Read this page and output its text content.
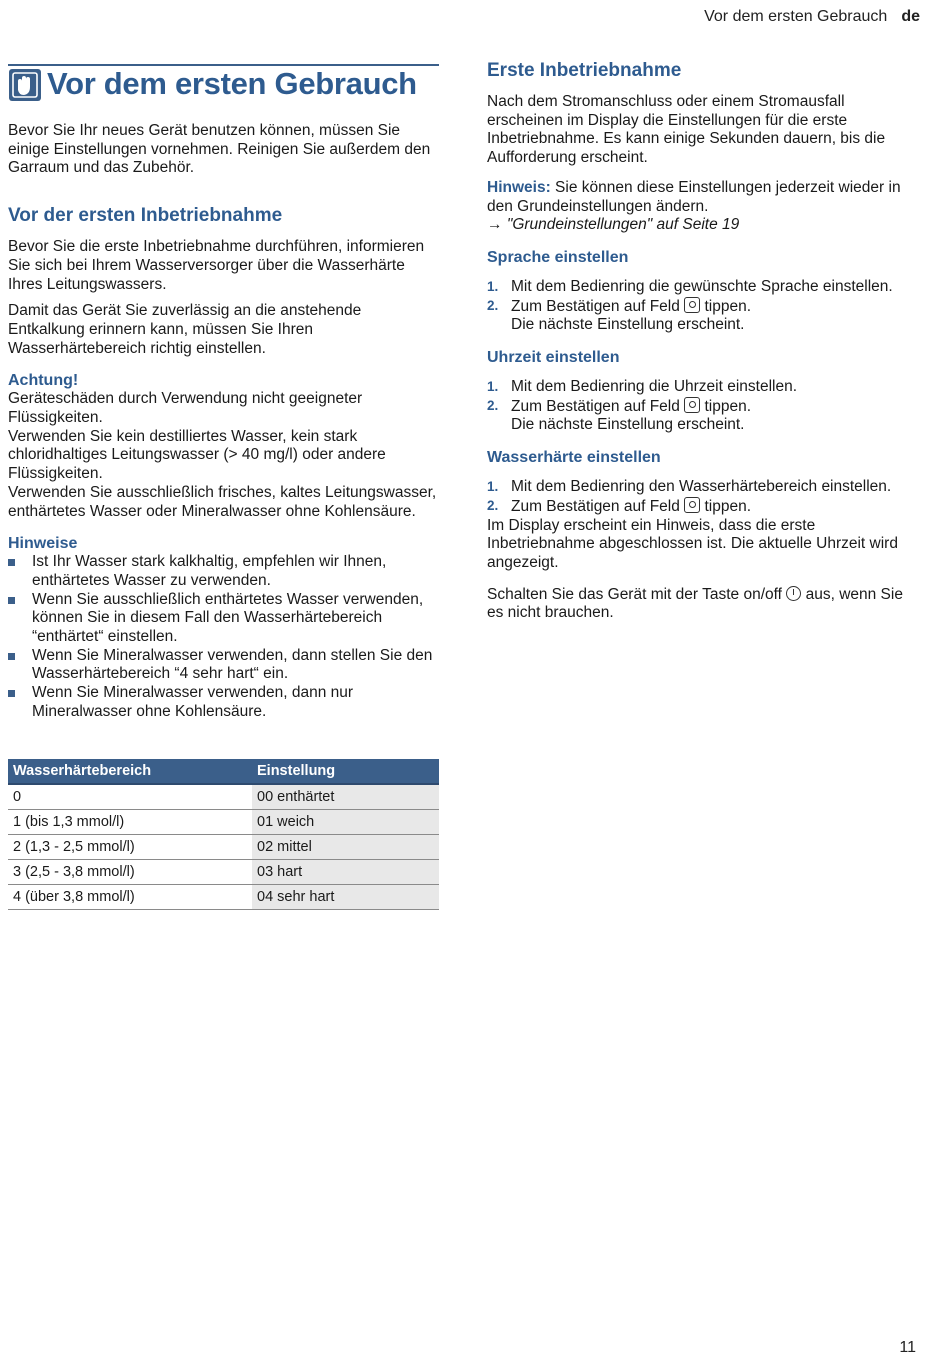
Vor dem ersten Gebrauch de
Vor dem ersten Gebrauch

Bevor Sie Ihr neues Gerät benutzen können, müssen Sie einige Einstellungen vornehmen. Reinigen Sie außerdem den Garraum und das Zubehör.

Vor der ersten Inbetriebnahme

Bevor Sie die erste Inbetriebnahme durchführen, informieren Sie sich bei Ihrem Wasserversorger über die Wasserhärte Ihres Leitungswassers.

Damit das Gerät Sie zuverlässig an die anstehende Entkalkung erinnern kann, müssen Sie Ihren Wasserhärtebereich richtig einstellen.

Achtung!

Geräteschäden durch Verwendung nicht geeigneter Flüssigkeiten.

Verwenden Sie kein destilliertes Wasser, kein stark chloridhaltiges Leitungswasser (> 40 mg/l) oder andere Flüssigkeiten.

Verwenden Sie ausschließlich frisches, kaltes Leitungswasser, enthärtetes Wasser oder Mineralwasser ohne Kohlensäure.

Hinweise
Ist Ihr Wasser stark kalkhaltig, empfehlen wir Ihnen, enthärtetes Wasser zu verwenden.
Wenn Sie ausschließlich enthärtetes Wasser verwenden, können Sie in diesem Fall den Wasserhärtebereich “enthärtet“ einstellen.
Wenn Sie Mineralwasser verwenden, dann stellen Sie den Wasserhärtebereich “4 sehr hart“ ein.
Wenn Sie Mineralwasser verwenden, dann nur Mineralwasser ohne Kohlensäure.
Wasserhärtebereich	Einstellung
0	00 enthärtet
1 (bis 1,3 mmol/l)	01 weich
2 (1,3 - 2,5 mmol/l)	02 mittel
3 (2,5 - 3,8 mmol/l)	03 hart
4 (über 3,8 mmol/l)	04 sehr hart
Erste Inbetriebnahme

Nach dem Stromanschluss oder einem Stromausfall erscheinen im Display die Einstellungen für die erste Inbetriebnahme. Es kann einige Sekunden dauern, bis die Aufforderung erscheint.

Hinweis: Sie können diese Einstellungen jederzeit wieder in den Grundeinstellungen ändern.

→ "Grundeinstellungen" auf Seite 19

Sprache einstellen
1. Mit dem Bedienring die gewünschte Sprache einstellen.
2. Zum Bestätigen auf Feld tippen.
Die nächste Einstellung erscheint.
Uhrzeit einstellen
1. Mit dem Bedienring die Uhrzeit einstellen.
2. Zum Bestätigen auf Feld tippen.
Die nächste Einstellung erscheint.
Wasserhärte einstellen
1. Mit dem Bedienring den Wasserhärtebereich einstellen.
2. Zum Bestätigen auf Feld tippen.

Im Display erscheint ein Hinweis, dass die erste Inbetriebnahme abgeschlossen ist. Die aktuelle Uhrzeit wird angezeigt.

Schalten Sie das Gerät mit der Taste on/off aus, wenn Sie es nicht brauchen.

11
